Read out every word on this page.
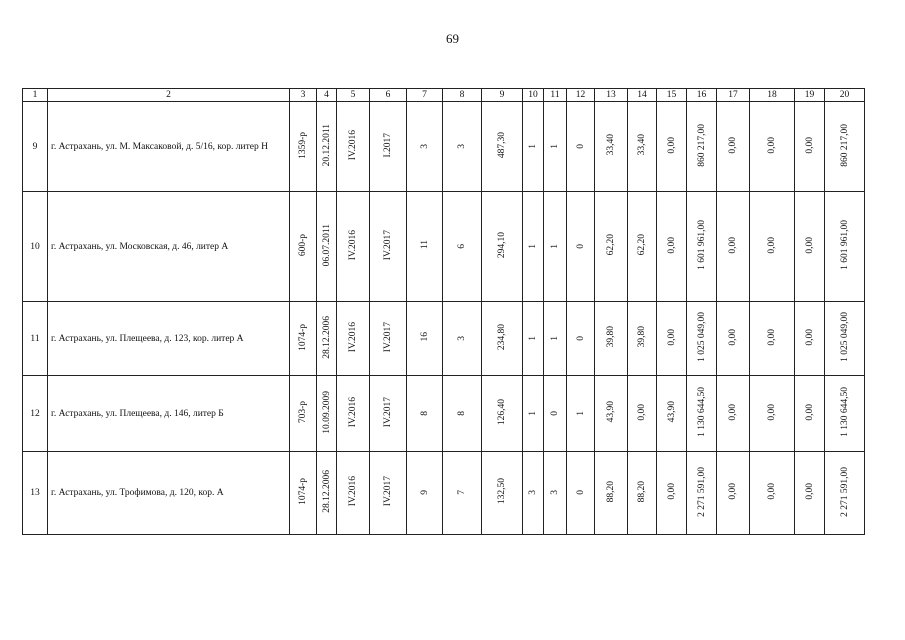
69
1	2	3	4	5	6	7	8	9	10	11	12	13	14	15	16	17	18	19	20
9	г. Астрахань, ул. М. Максаковой, д. 5/16, кор. литер Н	1359-р	20.12.2011	IV.2016	I.2017	3	3	487,30	1	1	0	33,40	33,40	0,00	860 217,00	0,00	0,00	0,00	860 217,00
10	г. Астрахань, ул. Московская, д. 46, литер А	600-р	06.07.2011	IV.2016	IV.2017	11	6	294,10	1	1	0	62,20	62,20	0,00	1 601 961,00	0,00	0,00	0,00	1 601 961,00
11	г. Астрахань, ул. Плещеева, д. 123, кор. литер А	1074-р	28.12.2006	IV.2016	IV.2017	16	3	234,80	1	1	0	39,80	39,80	0,00	1 025 049,00	0,00	0,00	0,00	1 025 049,00
12	г. Астрахань, ул. Плещеева, д. 146, литер Б	703-р	10.09.2009	IV.2016	IV.2017	8	8	126,40	1	0	1	43,90	0,00	43,90	1 130 644,50	0,00	0,00	0,00	1 130 644,50
13	г. Астрахань, ул. Трофимова, д. 120, кор. А	1074-р	28.12.2006	IV.2016	IV.2017	9	7	132,50	3	3	0	88,20	88,20	0,00	2 271 591,00	0,00	0,00	0,00	2 271 591,00
